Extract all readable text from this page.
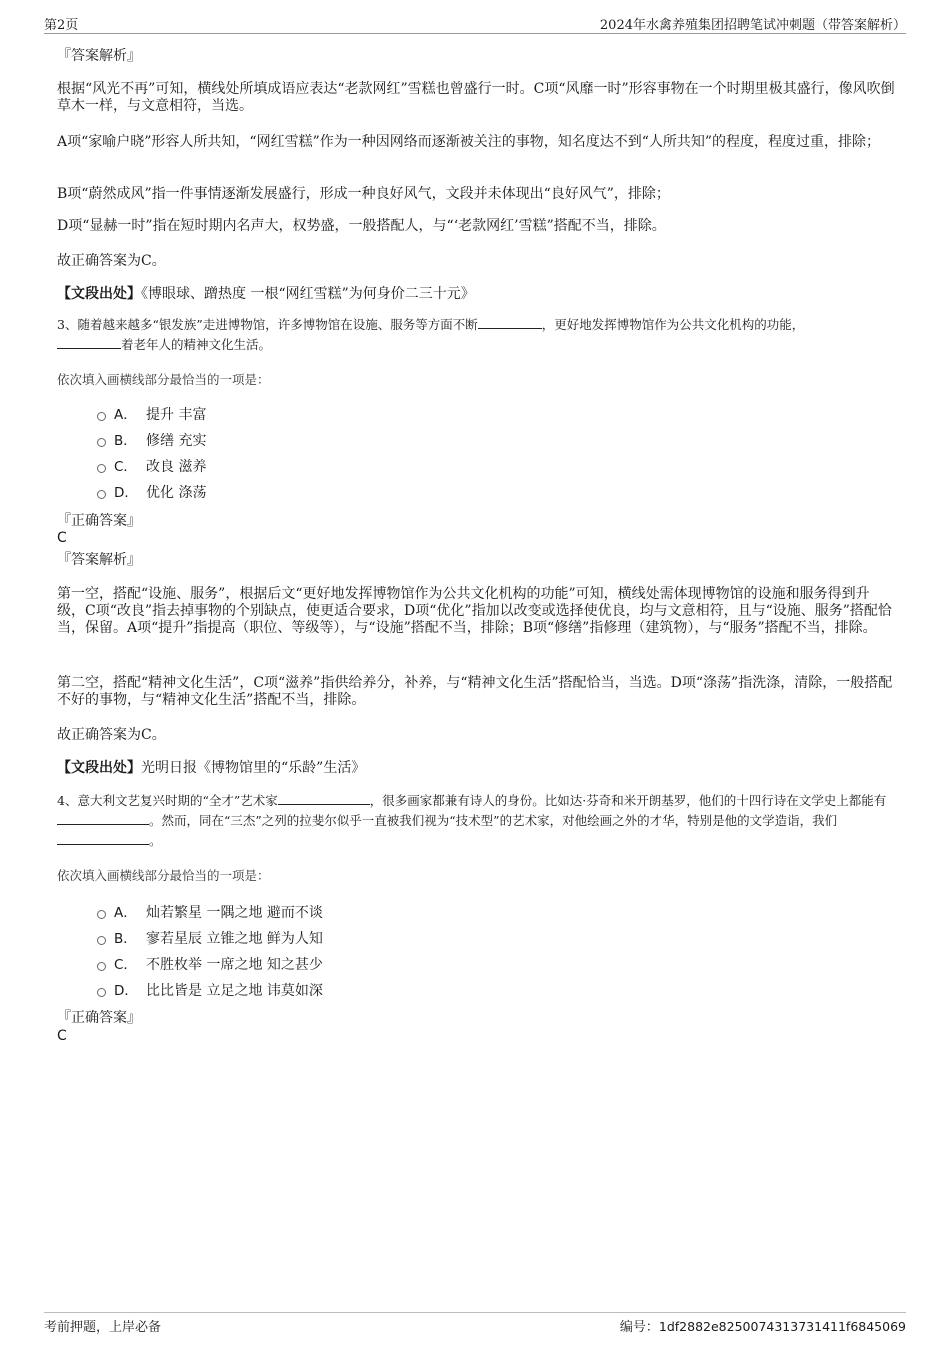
第2页	2024年水禽养殖集团招聘笔试冲刺题（带答案解析）
『答案解析』
根据“风光不再”可知，横线处所填成语应表达“老款网红”雪糕也曾盛行一时。C项“风靡一时”形容事物在一个时期里极其盛行，像风吹倒草木一样，与文意相符，当选。
A项“家喻户晓”形容人所共知，“网红雪糕”作为一种因网络而逐渐被关注的事物，知名度达不到“人所共知”的程度，程度过重，排除；
B项“蔚然成风”指一件事情逐渐发展盛行，形成一种良好风气，文段并未体现出“良好风气”，排除；
D项“显赫一时”指在短时期内名声大，权势盛，一般搭配人，与“‘老款网红’雪糕”搭配不当，排除。
故正确答案为C。
【文段出处】《博眼球、蹭热度 一根“网红雪糕”为何身价二三十元》
3、随着越来越多“银发族”走进博物馆，许多博物馆在设施、服务等方面不断	，更好地发挥博物馆作为公共文化机构的功能，
着老年人的精神文化生活。
依次填入画横线部分最恰当的一项是：
A． 提升 丰富
B． 修缮 充实
C． 改良 滋养
D． 优化 涤荡
『正确答案』
C
『答案解析』
第一空，搭配“设施、服务”，根据后文“更好地发挥博物馆作为公共文化机构的功能”可知，横线处需体现博物馆的设施和服务得到升级，C项“改良”指去掉事物的个别缺点，使更适合要求，D项“优化”指加以改变或选择使优良，均与文意相符，且与“设施、服务”搭配恰当，保留。A项“提升”指提高（职位、等级等），与“设施”搭配不当，排除；B项“修缮”指修理（建筑物），与“服务”搭配不当，排除。
第二空，搭配“精神文化生活”，C项“滋养”指供给养分，补养，与“精神文化生活”搭配恰当，当选。D项“涤荡”指洗涤，清除，一般搭配不好的事物，与“精神文化生活”搭配不当，排除。
故正确答案为C。
【文段出处】光明日报《博物馆里的“乐龄”生活》
4、意大利文艺复兴时期的“全才”艺术家	，很多画家都兼有诗人的身份。比如达·芬奇和米开朗基罗，他们的十四行诗在文学史上都能有。然而，同在“三杰”之列的拉斐尔似乎一直被我们视为“技术型”的艺术家，对他绘画之外的才华，特别是他的文学造诣，我们。
依次填入画横线部分最恰当的一项是：
A． 灿若繁星 一隅之地 避而不谈
B． 寥若星辰 立锥之地 鲜为人知
C． 不胜枚举 一席之地 知之甚少
D． 比比皆是 立足之地 讳莫如深
『正确答案』
C
考前押题，上岸必备	编号：1df2882e8250074313731411f6845069
